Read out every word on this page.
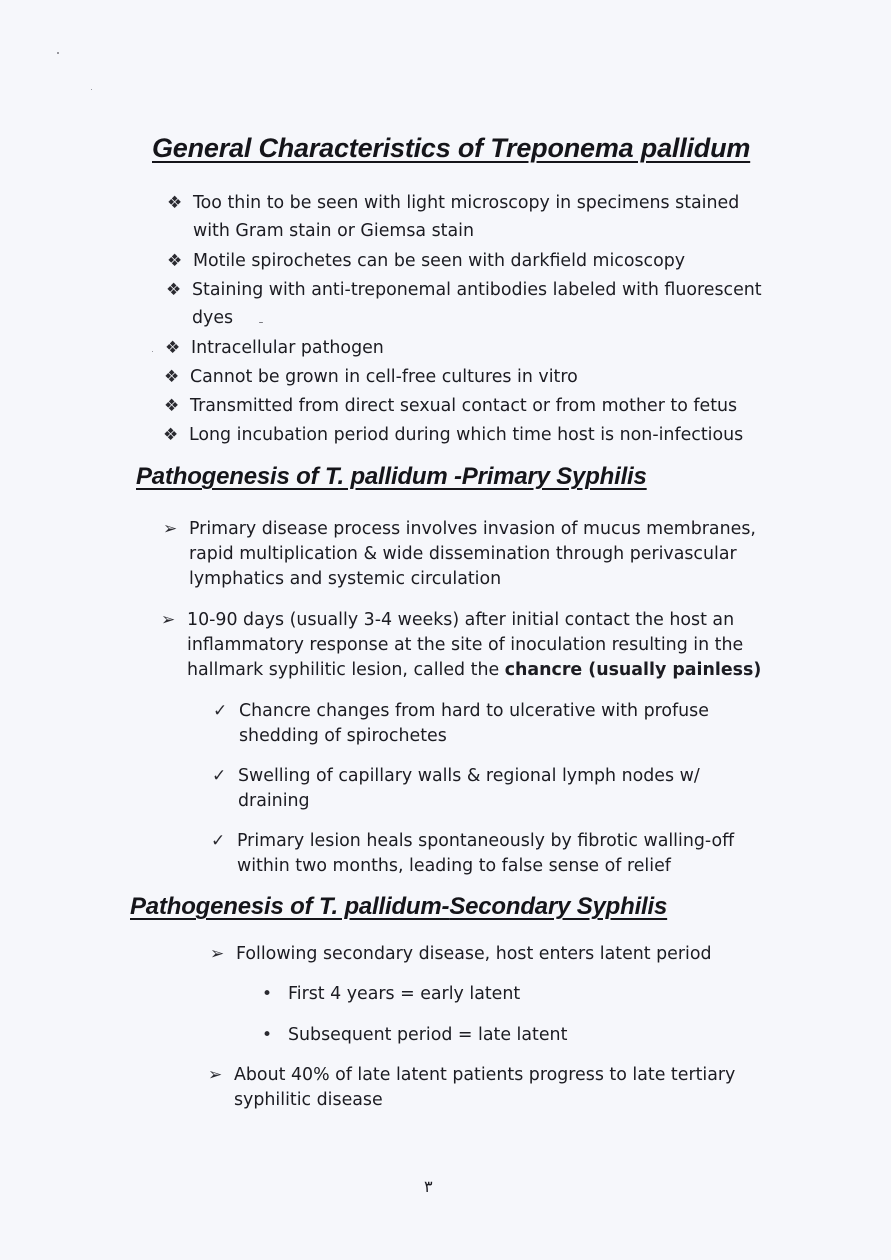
General Characteristics of Treponema pallidum
❖ Too thin to be seen with light microscopy in specimens stained
with Gram stain or Giemsa stain
❖ Motile spirochetes can be seen with darkfield micoscopy
❖ Staining with anti-treponemal antibodies labeled with fluorescent
dyes
❖ Intracellular pathogen
❖ Cannot be grown in cell-free cultures in vitro
❖ Transmitted from direct sexual contact or from mother to fetus
❖ Long incubation period during which time host is non-infectious
Pathogenesis of T. pallidum -Primary Syphilis
➢ Primary disease process involves invasion of mucus membranes,
rapid multiplication & wide dissemination through perivascular
lymphatics and systemic circulation
➢ 10-90 days (usually 3-4 weeks) after initial contact the host an
inflammatory response at the site of inoculation resulting in the
hallmark syphilitic lesion, called the chancre (usually painless)
✓ Chancre changes from hard to ulcerative with profuse
shedding of spirochetes
✓ Swelling of capillary walls & regional lymph nodes w/
draining
✓ Primary lesion heals spontaneously by fibrotic walling-off
within two months, leading to false sense of relief
Pathogenesis of T. pallidum-Secondary Syphilis
➢ Following secondary disease, host enters latent period
• First 4 years = early latent
• Subsequent period = late latent
➢ About 40% of late latent patients progress to late tertiary
syphilitic disease
٣
